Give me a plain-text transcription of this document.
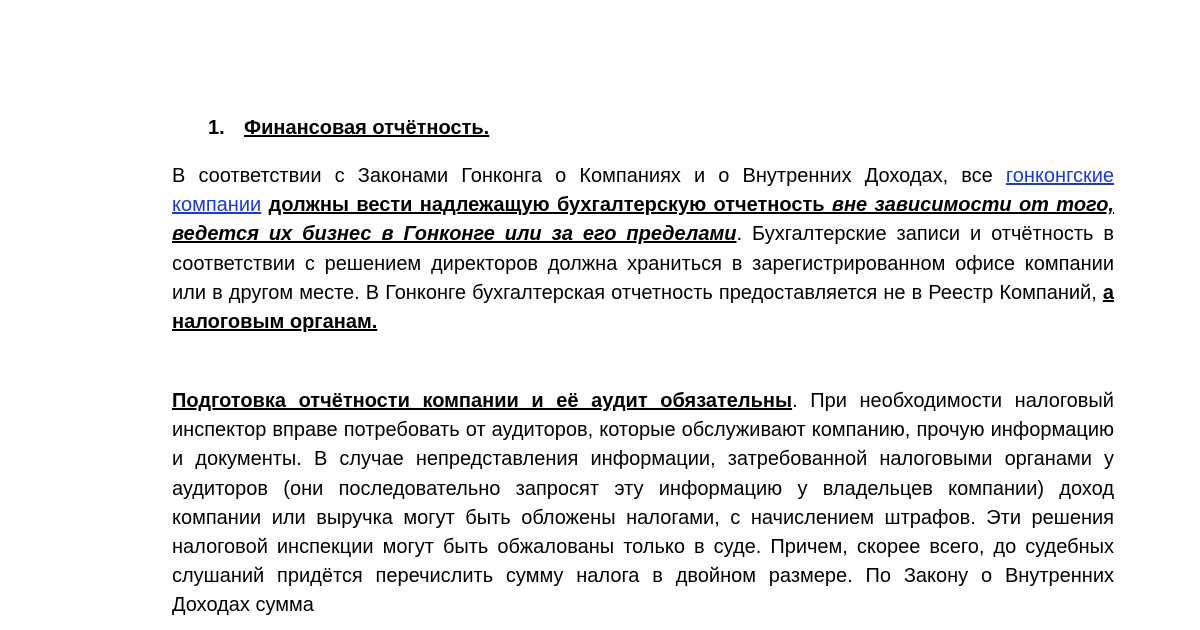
1. Финансовая отчётность.

В соответствии с Законами Гонконга о Компаниях и о Внутренних Доходах, все гонконгские компании должны вести надлежащую бухгалтерскую отчетность вне зависимости от того, ведется их бизнес в Гонконге или за его пределами. Бухгалтерские записи и отчётность в соответствии с решением директоров должна храниться в зарегистрированном офисе компании или в другом месте. В Гонконге бухгалтерская отчетность предоставляется не в Реестр Компаний, а налоговым органам.

Подготовка отчётности компании и её аудит обязательны. При необходимости налоговый инспектор вправе потребовать от аудиторов, которые обслуживают компанию, прочую информацию и документы. В случае непредставления информации, затребованной налоговыми органами у аудиторов (они последовательно запросят эту информацию у владельцев компании) доход компании или выручка могут быть обложены налогами, с начислением штрафов. Эти решения налоговой инспекции могут быть обжалованы только в суде. Причем, скорее всего, до судебных слушаний придётся перечислить сумму налога в двойном размере. По Закону о Внутренних Доходах сумма
